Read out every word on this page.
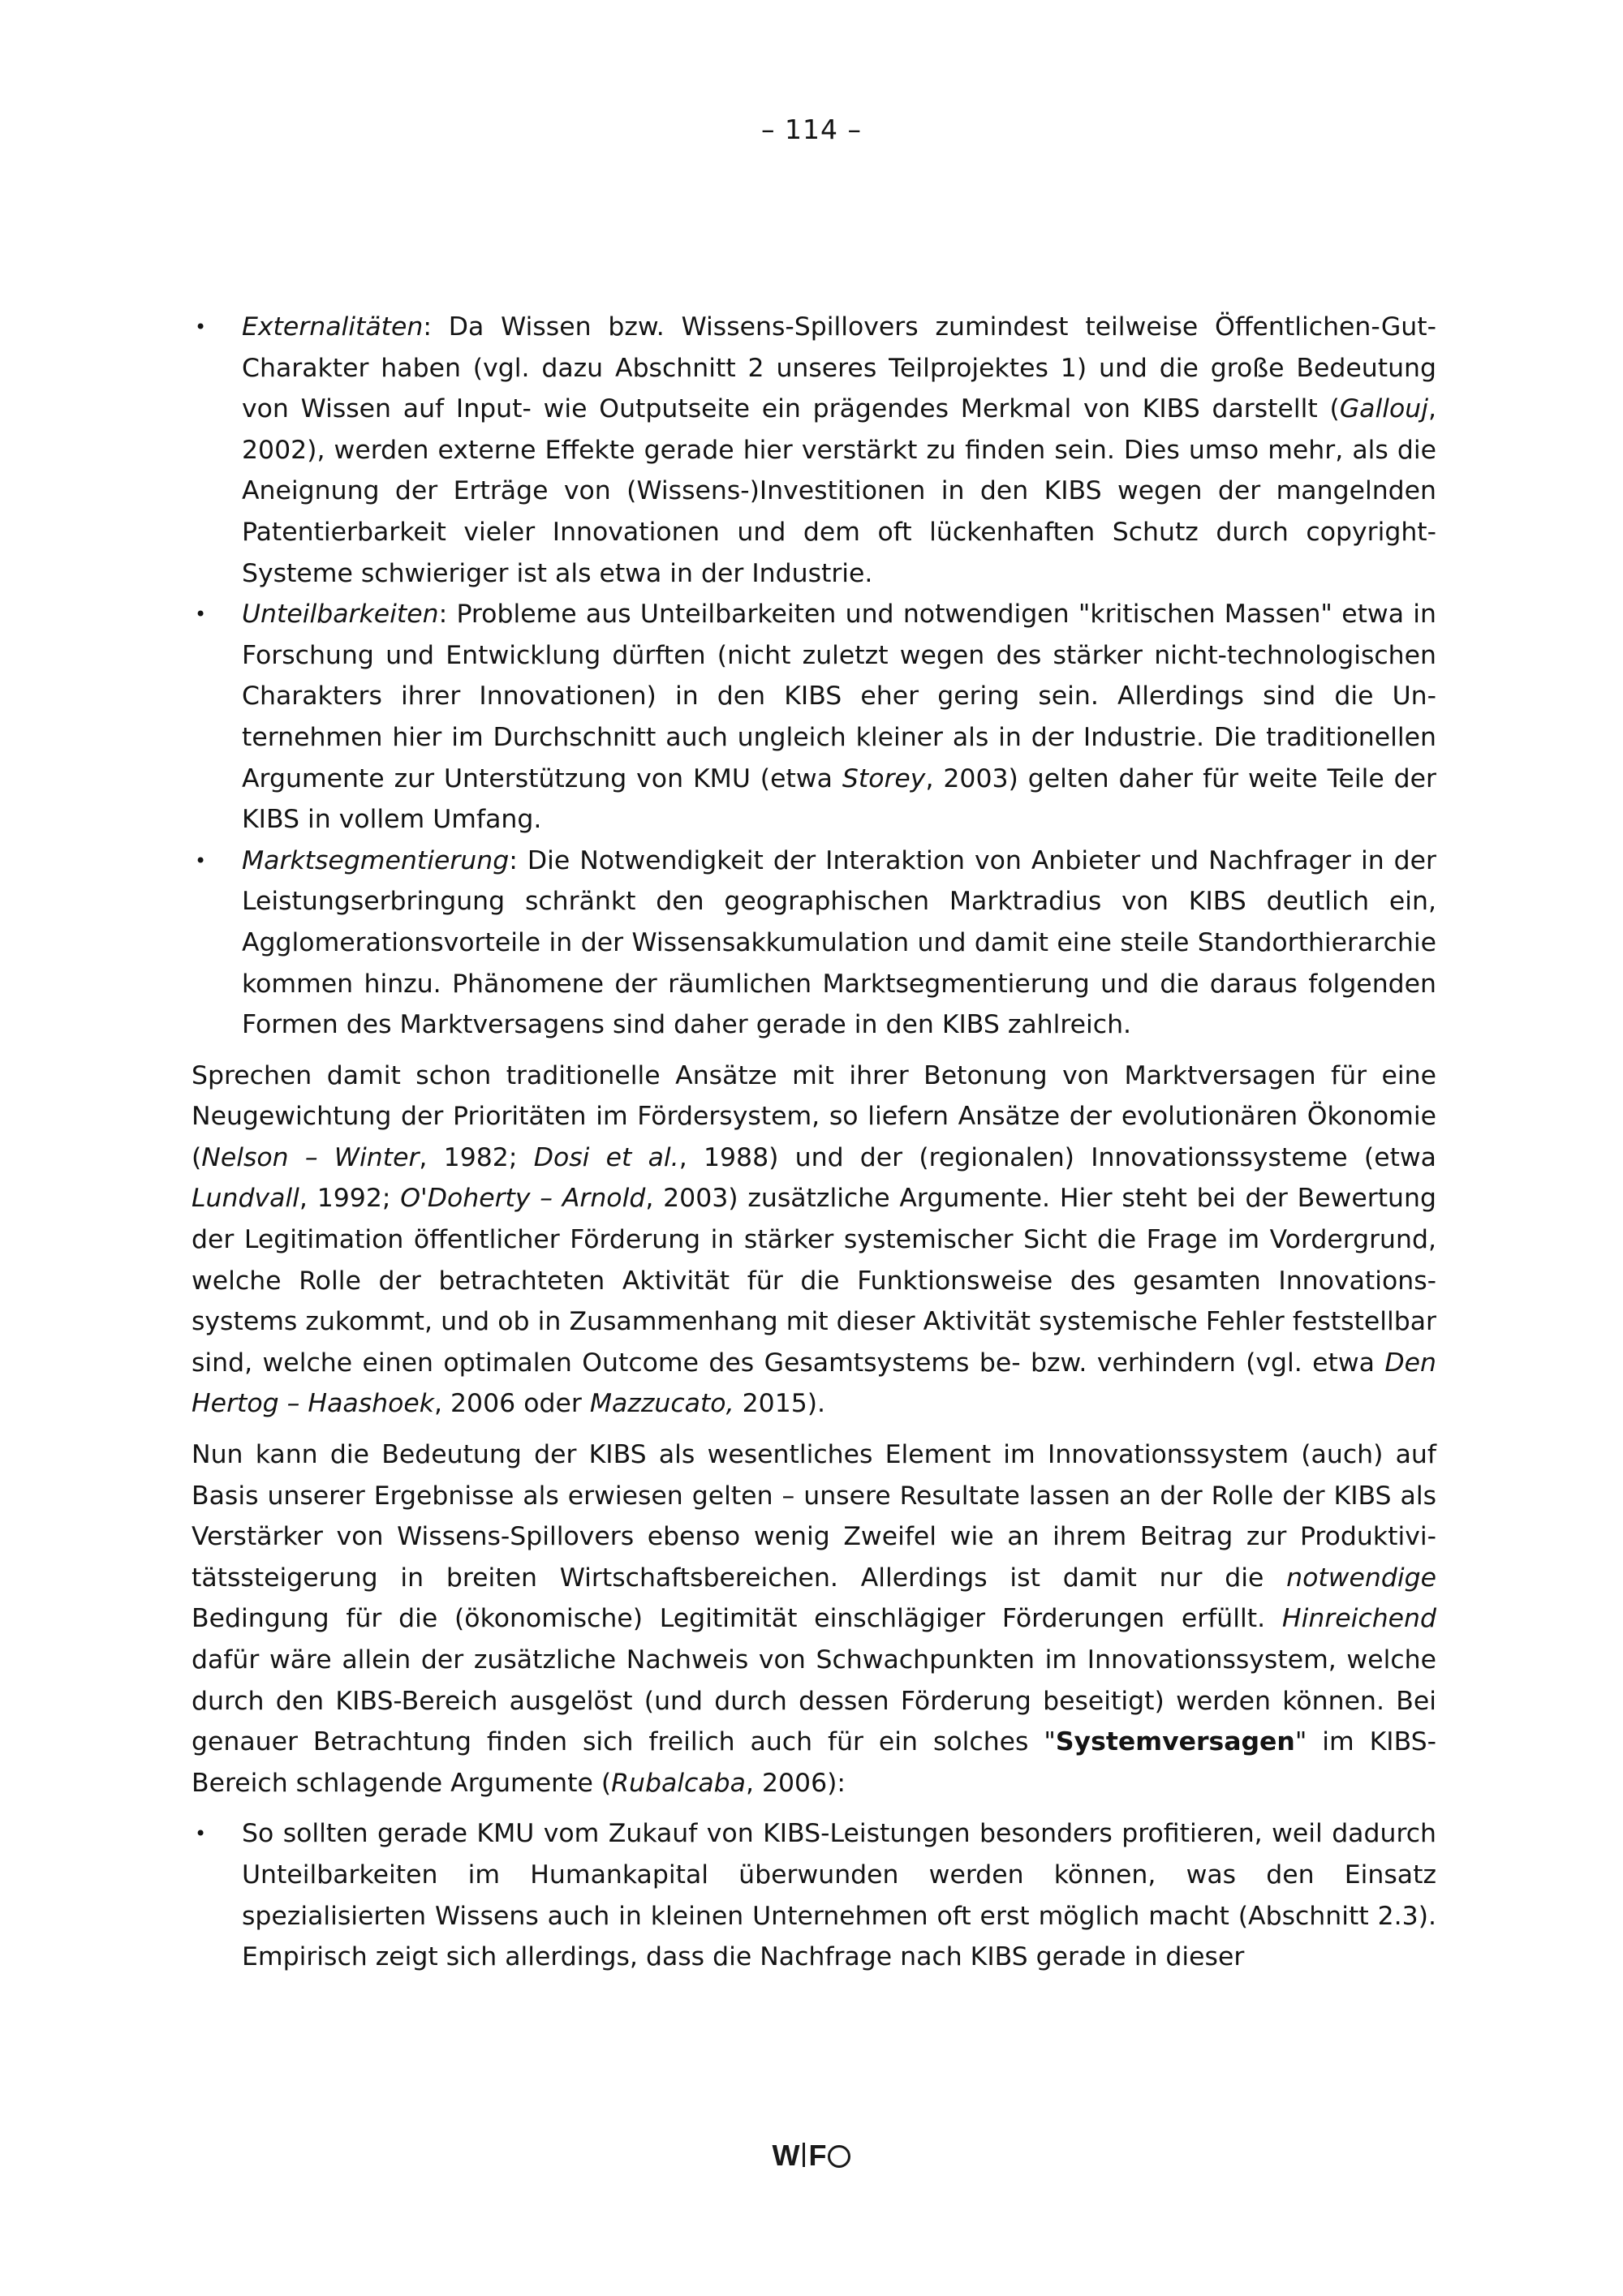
– 114 –
• Externalitäten: Da Wissen bzw. Wissens-Spillovers zumindest teilweise Öffentlichen-Gut-Charakter haben (vgl. dazu Abschnitt 2 unseres Teilprojektes 1) und die große Bedeutung von Wissen auf Input- wie Outputseite ein prägendes Merkmal von KIBS darstellt (Gallouj, 2002), werden externe Effekte gerade hier verstärkt zu finden sein. Dies umso mehr, als die Aneignung der Erträge von (Wissens-)Investitionen in den KIBS wegen der mangelnden Patentierbarkeit vieler Innovationen und dem oft lückenhaften Schutz durch copyright-Systeme schwieriger ist als etwa in der Industrie.
• Unteilbarkeiten: Probleme aus Unteilbarkeiten und notwendigen "kritischen Massen" etwa in Forschung und Entwicklung dürften (nicht zuletzt wegen des stärker nicht-technologischen Charakters ihrer Innovationen) in den KIBS eher gering sein. Allerdings sind die Unternehmen hier im Durchschnitt auch ungleich kleiner als in der Industrie. Die traditionellen Argumente zur Unterstützung von KMU (etwa Storey, 2003) gelten daher für weite Teile der KIBS in vollem Umfang.
• Marktsegmentierung: Die Notwendigkeit der Interaktion von Anbieter und Nachfrager in der Leistungserbringung schränkt den geographischen Marktradius von KIBS deutlich ein, Agglomerationsvorteile in der Wissensakkumulation und damit eine steile Standorthierarchie kommen hinzu. Phänomene der räumlichen Marktsegmentierung und die daraus folgenden Formen des Marktversagens sind daher gerade in den KIBS zahlreich.

Sprechen damit schon traditionelle Ansätze mit ihrer Betonung von Marktversagen für eine Neugewichtung der Prioritäten im Fördersystem, so liefern Ansätze der evolutionären Ökonomie (Nelson – Winter, 1982; Dosi et al., 1988) und der (regionalen) Innovationssysteme (etwa Lundvall, 1992; O'Doherty – Arnold, 2003) zusätzliche Argumente. Hier steht bei der Bewertung der Legitimation öffentlicher Förderung in stärker systemischer Sicht die Frage im Vordergrund, welche Rolle der betrachteten Aktivität für die Funktionsweise des gesamten Innovationssystems zukommt, und ob in Zusammenhang mit dieser Aktivität systemische Fehler feststellbar sind, welche einen optimalen Outcome des Gesamtsystems be- bzw. verhindern (vgl. etwa Den Hertog – Haashoek, 2006 oder Mazzucato, 2015).

Nun kann die Bedeutung der KIBS als wesentliches Element im Innovationssystem (auch) auf Basis unserer Ergebnisse als erwiesen gelten – unsere Resultate lassen an der Rolle der KIBS als Verstärker von Wissens-Spillovers ebenso wenig Zweifel wie an ihrem Beitrag zur Produktivitätssteigerung in breiten Wirtschaftsbereichen. Allerdings ist damit nur die notwendige Bedingung für die (ökonomische) Legitimität einschlägiger Förderungen erfüllt. Hinreichend dafür wäre allein der zusätzliche Nachweis von Schwachpunkten im Innovationssystem, welche durch den KIBS-Bereich ausgelöst (und durch dessen Förderung beseitigt) werden können. Bei genauer Betrachtung finden sich freilich auch für ein solches "Systemversagen" im KIBS-Bereich schlagende Argumente (Rubalcaba, 2006):

• So sollten gerade KMU vom Zukauf von KIBS-Leistungen besonders profitieren, weil dadurch Unteilbarkeiten im Humankapital überwunden werden können, was den Einsatz spezialisierten Wissens auch in kleinen Unternehmen oft erst möglich macht (Abschnitt 2.3). Empirisch zeigt sich allerdings, dass die Nachfrage nach KIBS gerade in dieser
W F
